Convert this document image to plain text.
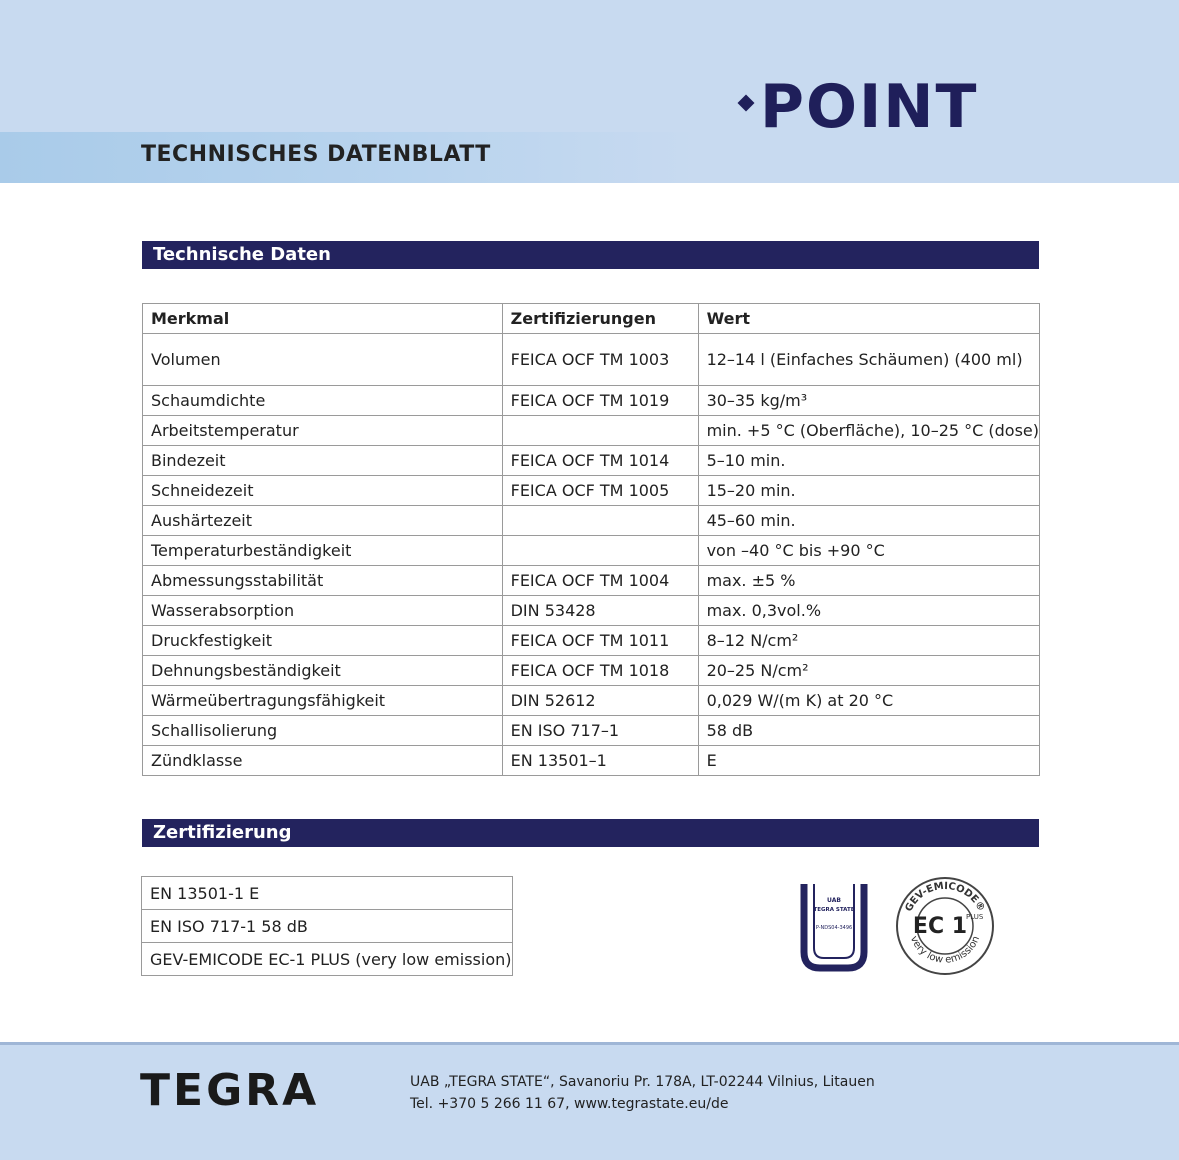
TECHNISCHES DATENBLATT
POINT
Technische Daten
Merkmal	Zertifizierungen	Wert
Volumen	FEICA OCF TM 1003	12–14 l (Einfaches Schäumen) (400 ml)
Schaumdichte	FEICA OCF TM 1019	30–35 kg/m³
Arbeitstemperatur		min. +5 °C (Oberfläche), 10–25 °C (dose)
Bindezeit	FEICA OCF TM 1014	5–10 min.
Schneidezeit	FEICA OCF TM 1005	15–20 min.
Aushärtezeit		45–60 min.
Temperaturbeständigkeit		von –40 °C bis +90 °C
Abmessungsstabilität	FEICA OCF TM 1004	max. ±5 %
Wasserabsorption	DIN 53428	max. 0,3vol.%
Druckfestigkeit	FEICA OCF TM 1011	8–12 N/cm²
Dehnungsbeständigkeit	FEICA OCF TM 1018	20–25 N/cm²
Wärmeübertragungsfähigkeit	DIN 52612	0,029 W/(m K) at 20 °C
Schallisolierung	EN ISO 717–1	58 dB
Zündklasse	EN 13501–1	E
Zertifizierung
EN 13501-1 E
EN ISO 717-1 58 dB
GEV-EMICODE EC-1 PLUS (very low emission)
UAB
TEGRA STATE
P-NDS04-3496
GEV-EMICODE®
EC 1
PLUS
very low emission
TEGRA	UAB „TEGRA STATE“, Savanoriu Pr. 178A, LT-02244 Vilnius, Litauen
Tel. +370 5 266 11 67, www.tegrastate.eu/de
